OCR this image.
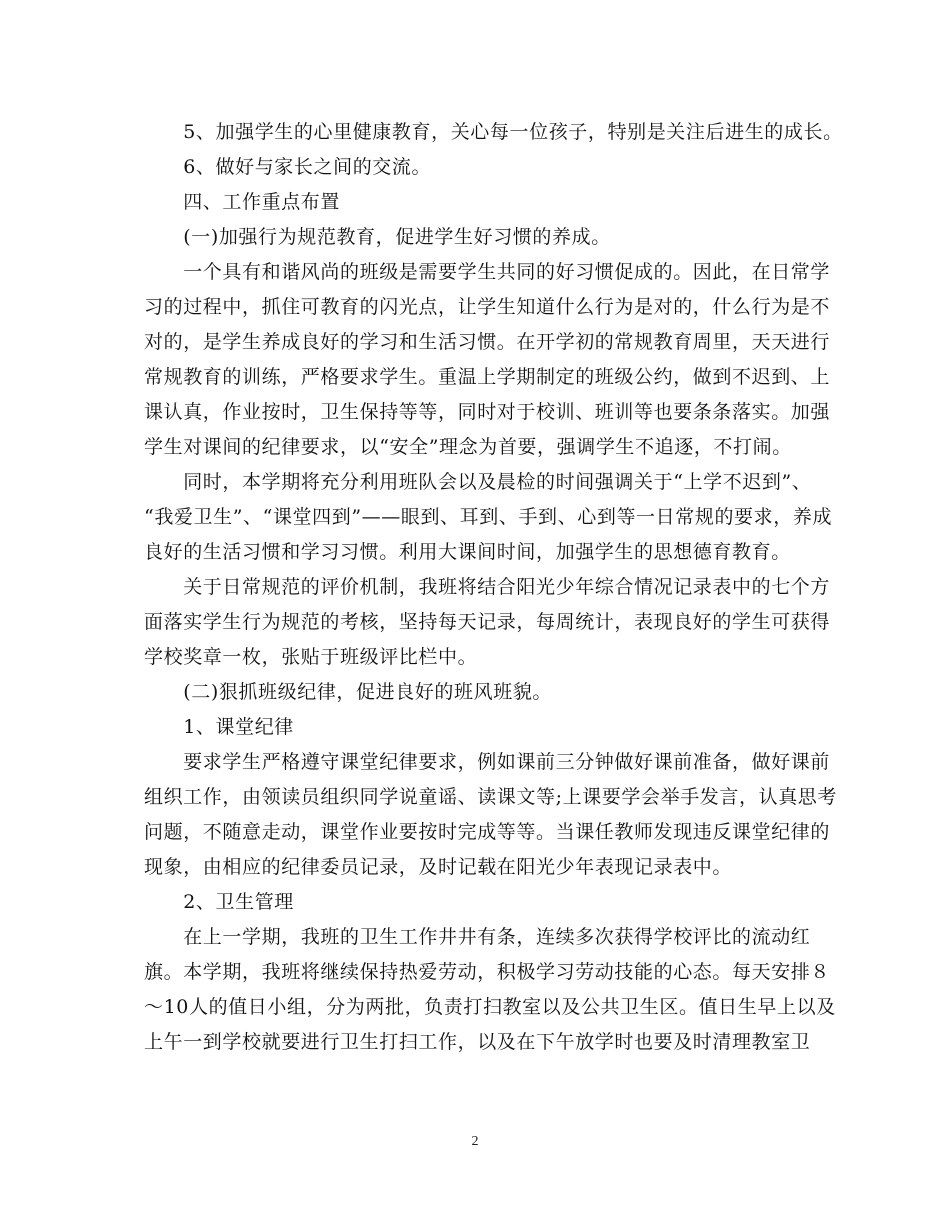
　　5、加强学生的心里健康教育，关心每一位孩子，特别是关注后进生的成长。
　　6、做好与家长之间的交流。
　　四、工作重点布置
　　(一)加强行为规范教育，促进学生好习惯的养成。
　　一个具有和谐风尚的班级是需要学生共同的好习惯促成的。因此，在日常学
习的过程中，抓住可教育的闪光点，让学生知道什么行为是对的，什么行为是不
对的，是学生养成良好的学习和生活习惯。在开学初的常规教育周里，天天进行
常规教育的训练，严格要求学生。重温上学期制定的班级公约，做到不迟到、上
课认真，作业按时，卫生保持等等，同时对于校训、班训等也要条条落实。加强
学生对课间的纪律要求，以“安全”理念为首要，强调学生不追逐，不打闹。
　　同时，本学期将充分利用班队会以及晨检的时间强调关于“上学不迟到”、
“我爱卫生”、“课堂四到”——眼到、耳到、手到、心到等一日常规的要求，养成
良好的生活习惯和学习习惯。利用大课间时间，加强学生的思想德育教育。
　　关于日常规范的评价机制，我班将结合阳光少年综合情况记录表中的七个方
面落实学生行为规范的考核，坚持每天记录，每周统计，表现良好的学生可获得
学校奖章一枚，张贴于班级评比栏中。
　　(二)狠抓班级纪律，促进良好的班风班貌。
　　1、课堂纪律
　　要求学生严格遵守课堂纪律要求，例如课前三分钟做好课前准备，做好课前
组织工作，由领读员组织同学说童谣、读课文等;上课要学会举手发言，认真思考
问题，不随意走动，课堂作业要按时完成等等。当课任教师发现违反课堂纪律的
现象，由相应的纪律委员记录，及时记载在阳光少年表现记录表中。
　　2、卫生管理
　　在上一学期，我班的卫生工作井井有条，连续多次获得学校评比的流动红
旗。本学期，我班将继续保持热爱劳动，积极学习劳动技能的心态。每天安排８
～10人的值日小组，分为两批，负责打扫教室以及公共卫生区。值日生早上以及
上午一到学校就要进行卫生打扫工作，以及在下午放学时也要及时清理教室卫
2
